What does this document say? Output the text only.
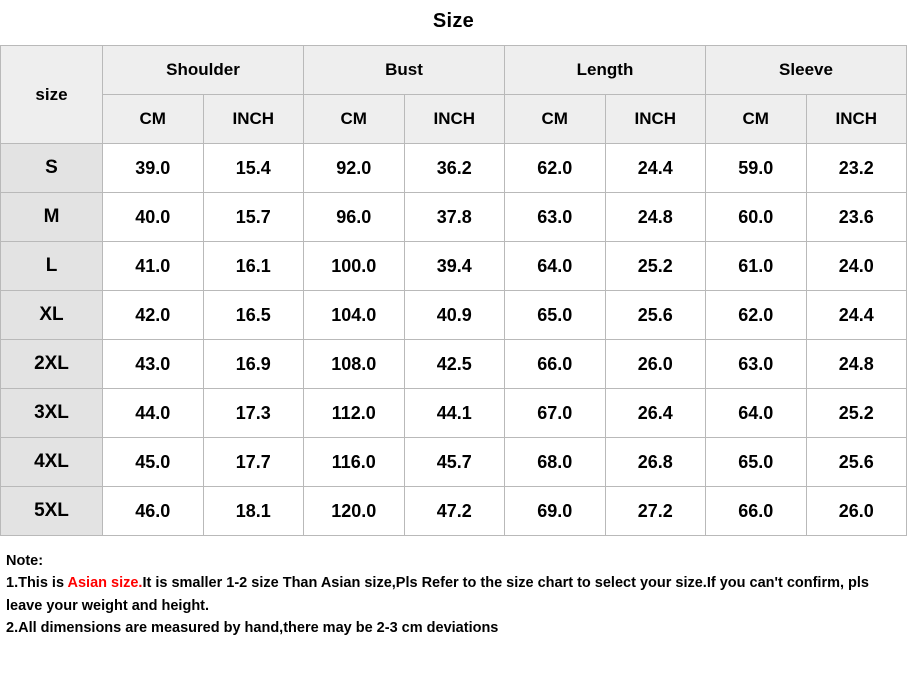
Size
size	Shoulder		Bust		Length		Sleeve	
	CM	INCH	CM	INCH	CM	INCH	CM	INCH
S	39.0	15.4	92.0	36.2	62.0	24.4	59.0	23.2
M	40.0	15.7	96.0	37.8	63.0	24.8	60.0	23.6
L	41.0	16.1	100.0	39.4	64.0	25.2	61.0	24.0
XL	42.0	16.5	104.0	40.9	65.0	25.6	62.0	24.4
2XL	43.0	16.9	108.0	42.5	66.0	26.0	63.0	24.8
3XL	44.0	17.3	112.0	44.1	67.0	26.4	64.0	25.2
4XL	45.0	17.7	116.0	45.7	68.0	26.8	65.0	25.6
5XL	46.0	18.1	120.0	47.2	69.0	27.2	66.0	26.0
Note:
1.This is Asian size.It is smaller 1-2 size Than Asian size,Pls Refer to the size chart to select your size.If you can't confirm, pls leave your weight and height.
2.All dimensions are measured by hand,there may be 2-3 cm deviations
